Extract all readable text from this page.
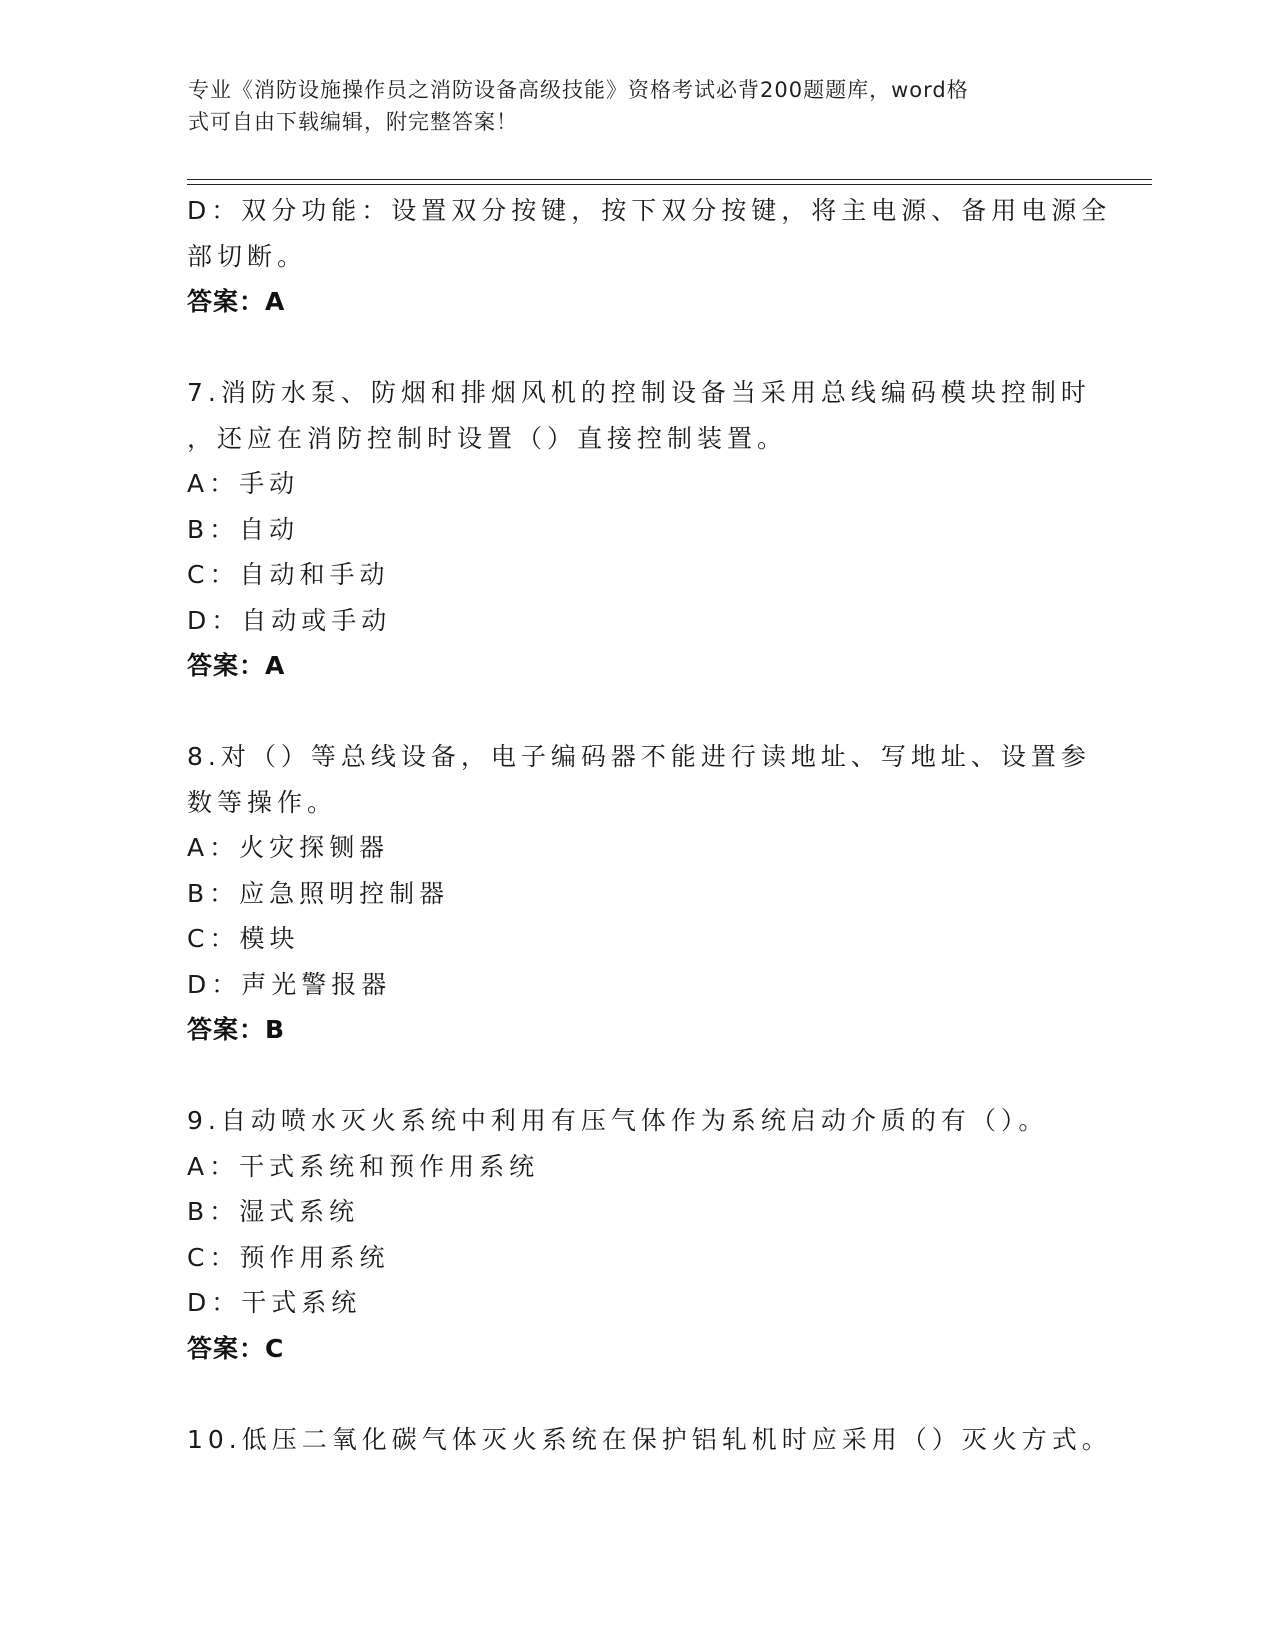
专业《消防设施操作员之消防设备高级技能》资格考试必背200题题库，word格
式可自由下载编辑，附完整答案！
D：双分功能：设置双分按键，按下双分按键，将主电源、备用电源全
部切断。
答案：A
7.消防水泵、防烟和排烟风机的控制设备当采用总线编码模块控制时
，还应在消防控制时设置（）直接控制装置。
A：手动
B：自动
C：自动和手动
D：自动或手动
答案：A
8.对（）等总线设备，电子编码器不能进行读地址、写地址、设置参
数等操作。
A：火灾探铡器
B：应急照明控制器
C：模块
D：声光警报器
答案：B
9.自动喷水灭火系统中利用有压气体作为系统启动介质的有（）。
A：干式系统和预作用系统
B：湿式系统
C：预作用系统
D：干式系统
答案：C
10.低压二氧化碳气体灭火系统在保护铝轧机时应采用（）灭火方式。
